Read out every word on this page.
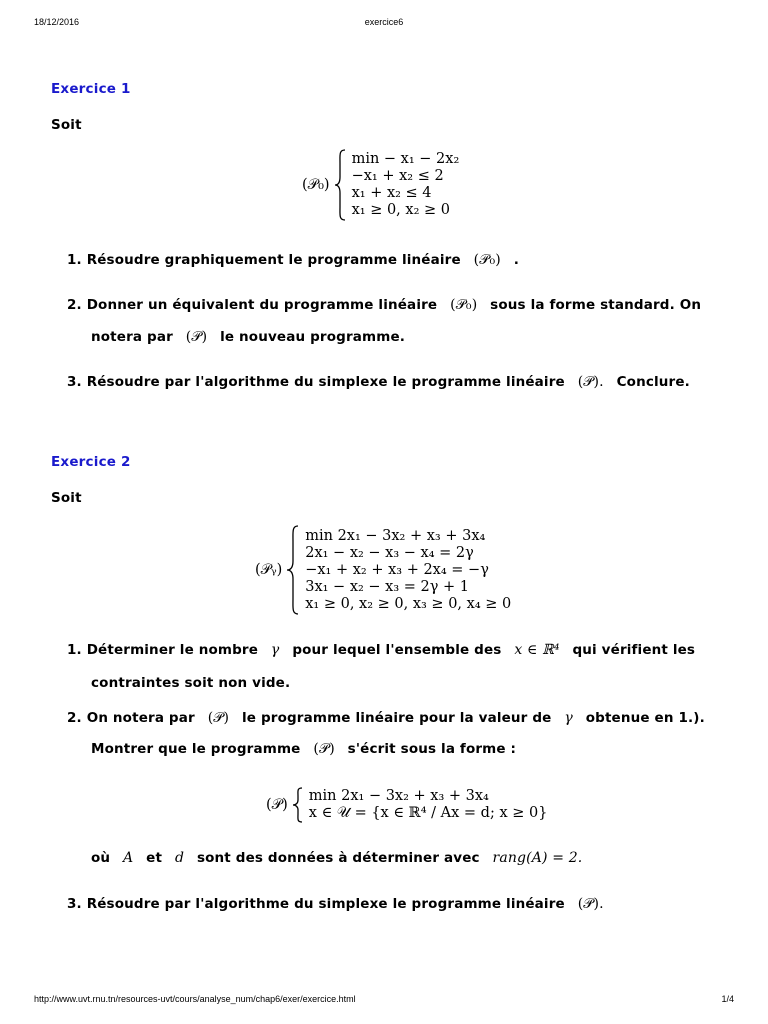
18/12/2016	exercice6
http://www.uvt.rnu.tn/resources-uvt/cours/analyse_num/chap6/exer/exercice.html	1/4
Exercice 1
Soit
(𝒫₀)
min − x₁ − 2x₂
−x₁ + x₂ ≤ 2
x₁ + x₂ ≤ 4
x₁ ≥ 0, x₂ ≥ 0
1. Résoudre graphiquement le programme linéaire (𝒫₀) .
2. Donner un équivalent du programme linéaire (𝒫₀) sous la forme standard. On
notera par (𝒫) le nouveau programme.
3. Résoudre par l'algorithme du simplexe le programme linéaire (𝒫). Conclure.
Exercice 2
Soit
(𝒫ᵧ)
min 2x₁ − 3x₂ + x₃ + 3x₄
2x₁ − x₂ − x₃ − x₄ = 2γ
−x₁ + x₂ + x₃ + 2x₄ = −γ
3x₁ − x₂ − x₃ = 2γ + 1
x₁ ≥ 0, x₂ ≥ 0, x₃ ≥ 0, x₄ ≥ 0
1. Déterminer le nombre γ pour lequel l'ensemble des x ∈ ℝ⁴ qui vérifient les
contraintes soit non vide.
2. On notera par (𝒫) le programme linéaire pour la valeur de γ obtenue en 1.).
Montrer que le programme (𝒫) s'écrit sous la forme :
(𝒫)
min 2x₁ − 3x₂ + x₃ + 3x₄
x ∈ 𝒰 = {x ∈ ℝ⁴ / Ax = d; x ≥ 0}
où A et d sont des données à déterminer avec rang(A) = 2.
3. Résoudre par l'algorithme du simplexe le programme linéaire (𝒫).
